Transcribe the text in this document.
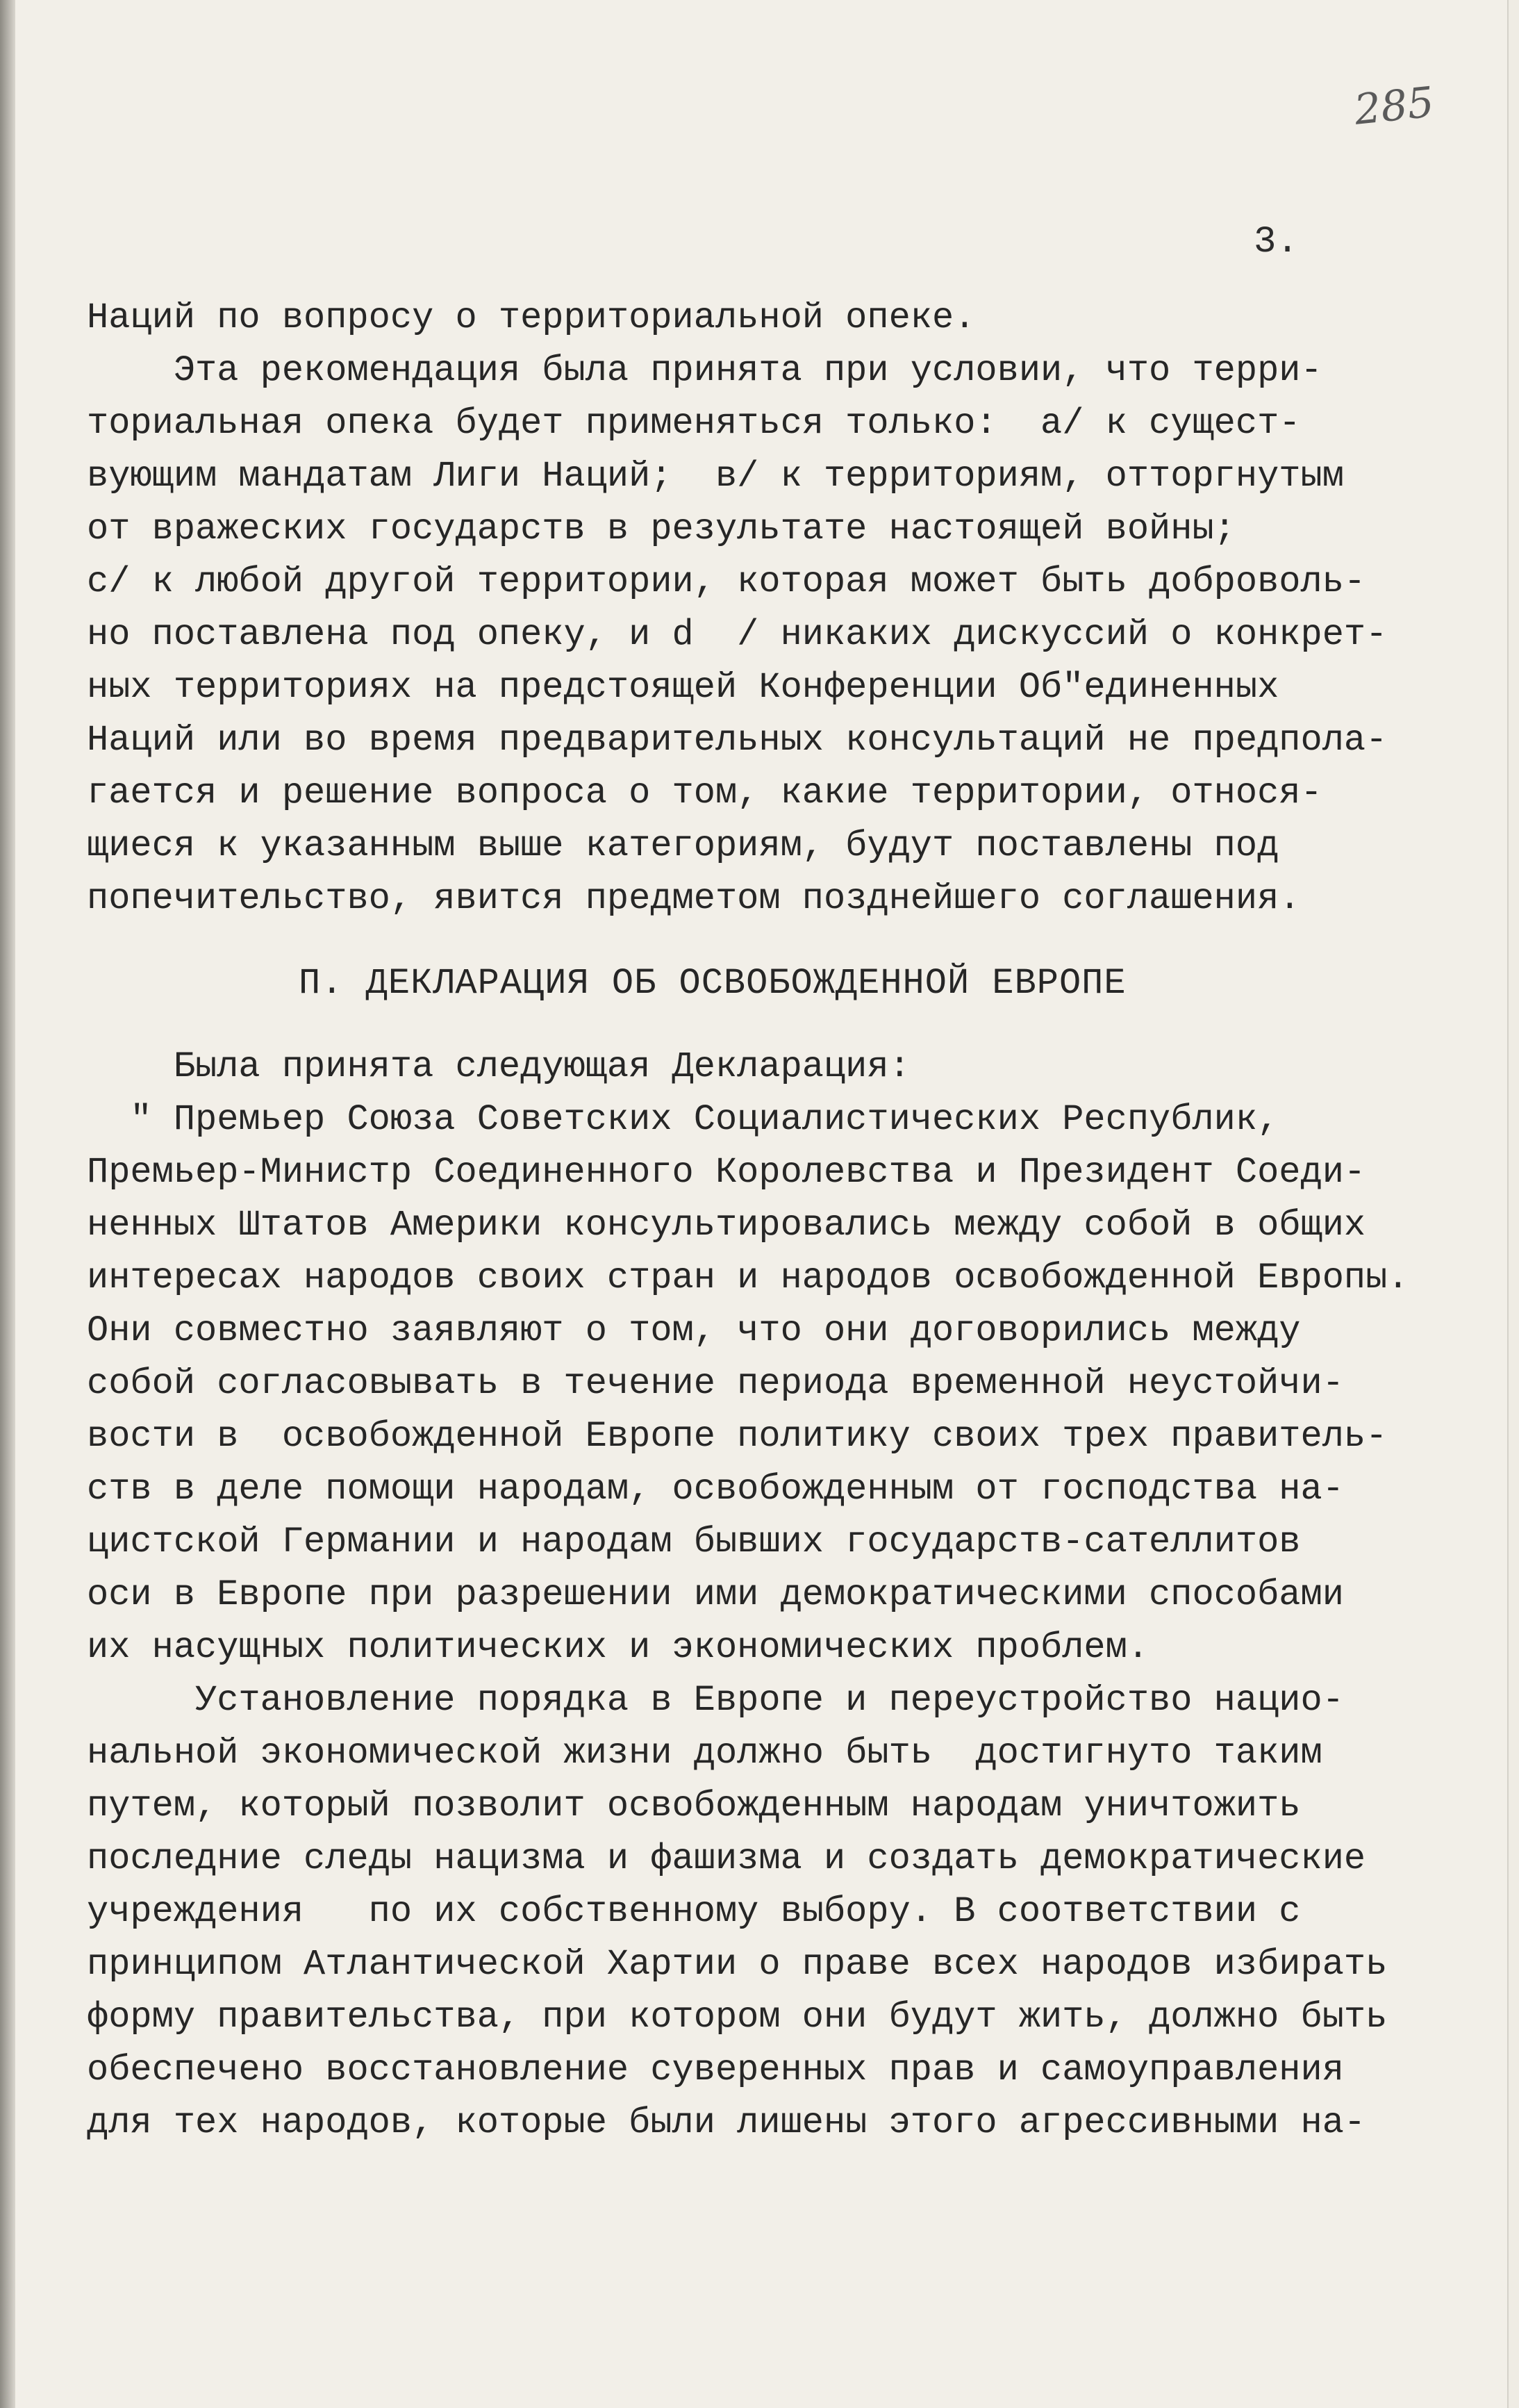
285
3.

Наций по вопросу о территориальной опеке.

Эта рекомендация была принята при условии, что терри-

ториальная опека будет применяться только:  а/ к сущест-

вующим мандатам Лиги Наций;  в/ к территориям, отторгнутым

от вражеских государств в результате настоящей войны;

с/ к любой другой территории, которая может быть доброволь-

но поставлена под опеку, и d  / никаких дискуссий о конкрет-

ных территориях на предстоящей Конференции Об"единенных

Наций или во время предварительных консультаций не предпола-

гается и решение вопроса о том, какие территории, относя-

щиеся к указанным выше категориям, будут поставлены под

попечительство, явится предметом позднейшего соглашения.

П. ДЕКЛАРАЦИЯ ОБ ОСВОБОЖДЕННОЙ ЕВРОПЕ

Была принята следующая Декларация:

" Премьер Союза Советских Социалистических Республик,

Премьер-Министр Соединенного Королевства и Президент Соеди-

ненных Штатов Америки консультировались между собой в общих

интересах народов своих стран и народов освобожденной Европы.

Они совместно заявляют о том, что они договорились между

собой согласовывать в течение периода временной неустойчи-

вости в  освобожденной Европе политику своих трех правитель-

ств в деле помощи народам, освобожденным от господства на-

цистской Германии и народам бывших государств-сателлитов

оси в Европе при разрешении ими демократическими способами

их насущных политических и экономических проблем.

Установление порядка в Европе и переустройство нацио-

нальной экономической жизни должно быть  достигнуто таким

путем, который позволит освобожденным народам уничтожить

последние следы нацизма и фашизма и создать демократические

учреждения   по их собственному выбору. В соответствии с

принципом Атлантической Хартии о праве всех народов избирать

форму правительства, при котором они будут жить, должно быть

обеспечено восстановление суверенных прав и самоуправления

для тех народов, которые были лишены этого агрессивными на-
